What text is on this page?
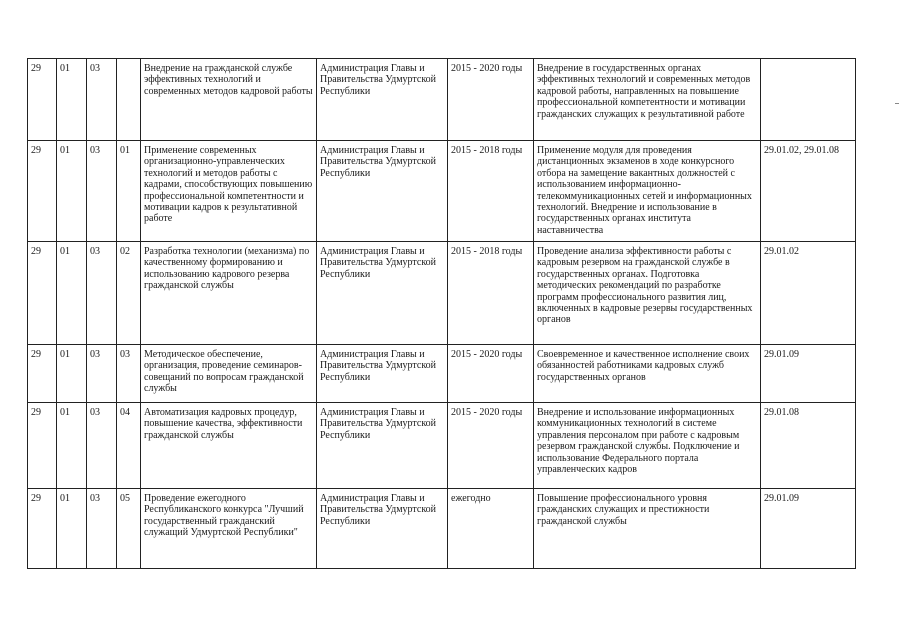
29	01	03		Внедрение на гражданской службе эффективных технологий и современных методов кадровой работы	Администрация Главы и Правительства Удмуртской Республики	2015 - 2020 годы	Внедрение в государственных органах эффективных технологий и современных методов кадровой работы, направленных на повышение профессиональной компетентности и мотивации гражданских служащих к результативной работе	
29	01	03	01	Применение современных организационно-управленческих технологий и методов работы с кадрами, способствующих повышению профессиональной компетентности и мотивации кадров к результативной работе	Администрация Главы и Правительства Удмуртской Республики	2015 - 2018 годы	Применение модуля для проведения дистанционных экзаменов в ходе конкурсного отбора на замещение вакантных должностей с использованием информационно-телекоммуникационных сетей и информационных технологий. Внедрение и использование в государственных органах института наставничества	29.01.02, 29.01.08
29	01	03	02	Разработка технологии (механизма) по качественному формированию и использованию кадрового резерва гражданской службы	Администрация Главы и Правительства Удмуртской Республики	2015 - 2018 годы	Проведение анализа эффективности работы с кадровым резервом на гражданской службе в государственных органах. Подготовка методических рекомендаций по разработке программ профессионального развития лиц, включенных в кадровые резервы государственных органов	29.01.02
29	01	03	03	Методическое обеспечение, организация, проведение семинаров-совещаний по вопросам гражданской службы	Администрация Главы и Правительства Удмуртской Республики	2015 - 2020 годы	Своевременное и качественное исполнение своих обязанностей работниками кадровых служб государственных органов	29.01.09
29	01	03	04	Автоматизация кадровых процедур, повышение качества, эффективности гражданской службы	Администрация Главы и Правительства Удмуртской Республики	2015 - 2020 годы	Внедрение и использование информационных коммуникационных технологий в системе управления персоналом при работе с кадровым резервом гражданской службы. Подключение и использование Федерального портала управленческих кадров	29.01.08
29	01	03	05	Проведение ежегодного Республиканского конкурса "Лучший государственный гражданский служащий Удмуртской Республики"	Администрация Главы и Правительства Удмуртской Республики	ежегодно	Повышение профессионального уровня гражданских служащих и престижности гражданской службы	29.01.09
